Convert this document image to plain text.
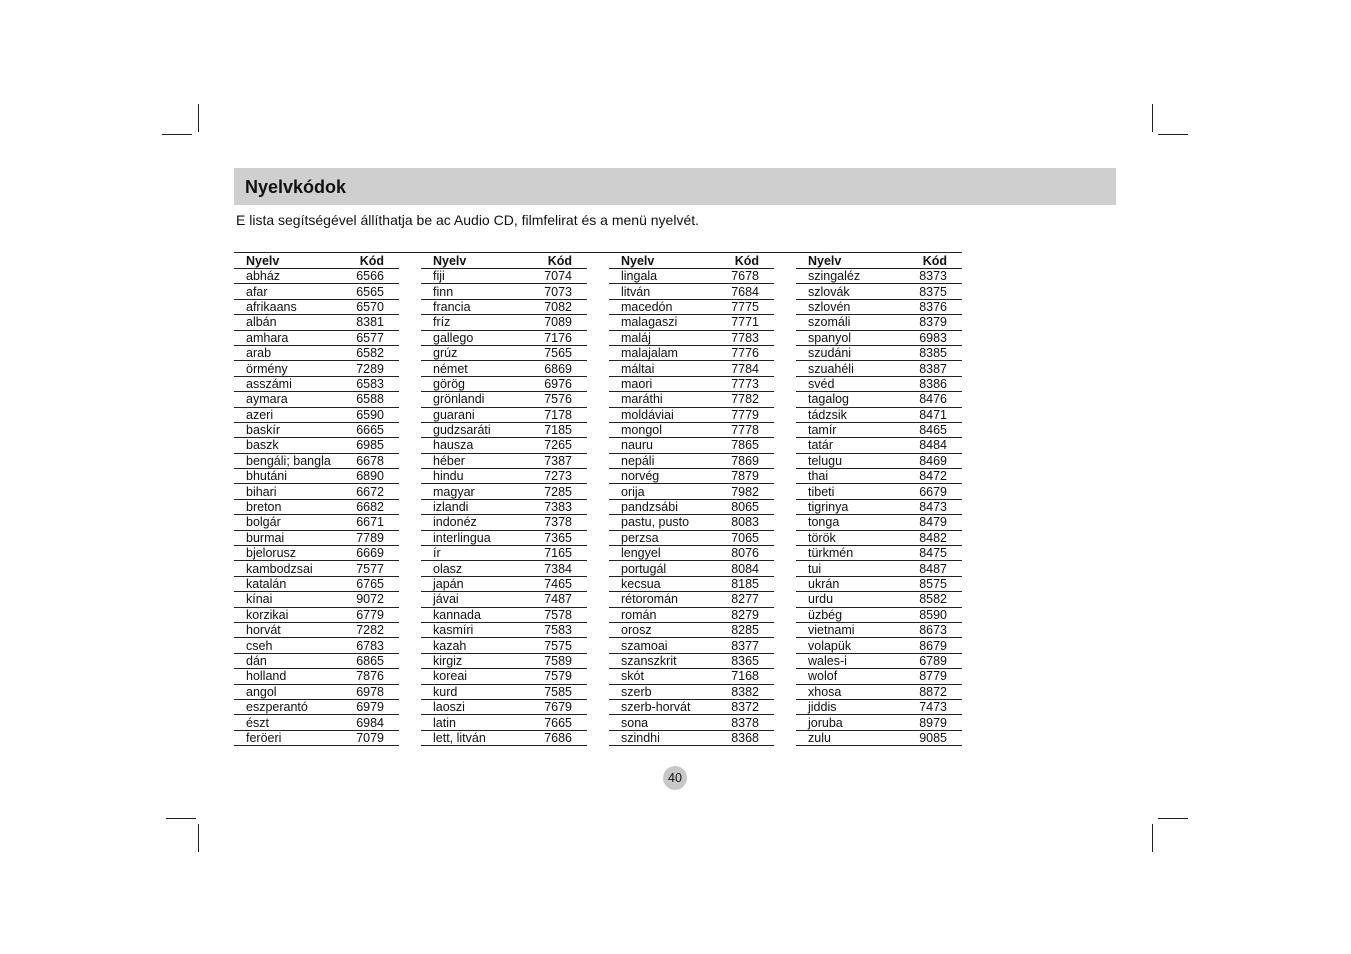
Nyelvkódok
E lista segítségével állíthatja be ac Audio CD, filmfelirat és a menü nyelvét.
Nyelv	Kód
abház	6566
afar	6565
afrikaans	6570
albán	8381
amhara	6577
arab	6582
örmény	7289
asszámi	6583
aymara	6588
azeri	6590
baskír	6665
baszk	6985
bengáli; bangla	6678
bhutáni	6890
bihari	6672
breton	6682
bolgár	6671
burmai	7789
bjelorusz	6669
kambodzsai	7577
katalán	6765
kínai	9072
korzikai	6779
horvát	7282
cseh	6783
dán	6865
holland	7876
angol	6978
eszperantó	6979
észt	6984
feröeri	7079
Nyelv	Kód
fiji	7074
finn	7073
francia	7082
fríz	7089
gallego	7176
grúz	7565
német	6869
görög	6976
grönlandi	7576
guarani	7178
gudzsaráti	7185
hausza	7265
héber	7387
hindu	7273
magyar	7285
izlandi	7383
indonéz	7378
interlingua	7365
ír	7165
olasz	7384
japán	7465
jávai	7487
kannada	7578
kasmíri	7583
kazah	7575
kirgiz	7589
koreai	7579
kurd	7585
laoszi	7679
latin	7665
lett, litván	7686
Nyelv	Kód
lingala	7678
litván	7684
macedón	7775
malagaszi	7771
maláj	7783
malajalam	7776
máltai	7784
maori	7773
maráthi	7782
moldáviai	7779
mongol	7778
nauru	7865
nepáli	7869
norvég	7879
orija	7982
pandzsábi	8065
pastu, pusto	8083
perzsa	7065
lengyel	8076
portugál	8084
kecsua	8185
rétoromán	8277
román	8279
orosz	8285
szamoai	8377
szanszkrit	8365
skót	7168
szerb	8382
szerb-horvát	8372
sona	8378
szindhi	8368
Nyelv	Kód
szingaléz	8373
szlovák	8375
szlovén	8376
szomáli	8379
spanyol	6983
szudáni	8385
szuahéli	8387
svéd	8386
tagalog	8476
tádzsik	8471
tamír	8465
tatár	8484
telugu	8469
thai	8472
tibeti	6679
tigrinya	8473
tonga	8479
török	8482
türkmén	8475
tui	8487
ukrán	8575
urdu	8582
üzbég	8590
vietnami	8673
volapük	8679
wales-i	6789
wolof	8779
xhosa	8872
jiddis	7473
joruba	8979
zulu	9085
40
